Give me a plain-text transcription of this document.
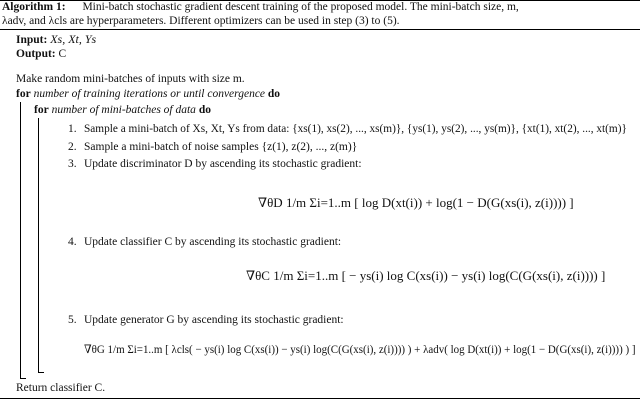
Algorithm 1: Mini-batch stochastic gradient descent training of the proposed model. The mini-batch size, m,
λadv, and λcls are hyperparameters. Different optimizers can be used in step (3) to (5).
Input: Xs, Xt, Ys
Output: C
Make random mini-batches of inputs with size m.
for number of training iterations or until convergence do
for number of mini-batches of data do
1. Sample a mini-batch of Xs, Xt, Ys from data: {xs(1), xs(2), ..., xs(m)}, {ys(1), ys(2), ..., ys(m)}, {xt(1), xt(2), ..., xt(m)}
2. Sample a mini-batch of noise samples {z(1), z(2), ..., z(m)}
3. Update discriminator D by ascending its stochastic gradient:
∇θD 1/m Σi=1..m [ log D(xt(i)) + log(1 − D(G(xs(i), z(i)))) ]
4. Update classifier C by ascending its stochastic gradient:
∇θC 1/m Σi=1..m [ − ys(i) log C(xs(i)) − ys(i) log(C(G(xs(i), z(i)))) ]
5. Update generator G by ascending its stochastic gradient:
∇θG 1/m Σi=1..m [ λcls( − ys(i) log C(xs(i)) − ys(i) log(C(G(xs(i), z(i)))) ) + λadv( log D(xt(i)) + log(1 − D(G(xs(i), z(i)))) ) ]
Return classifier C.
